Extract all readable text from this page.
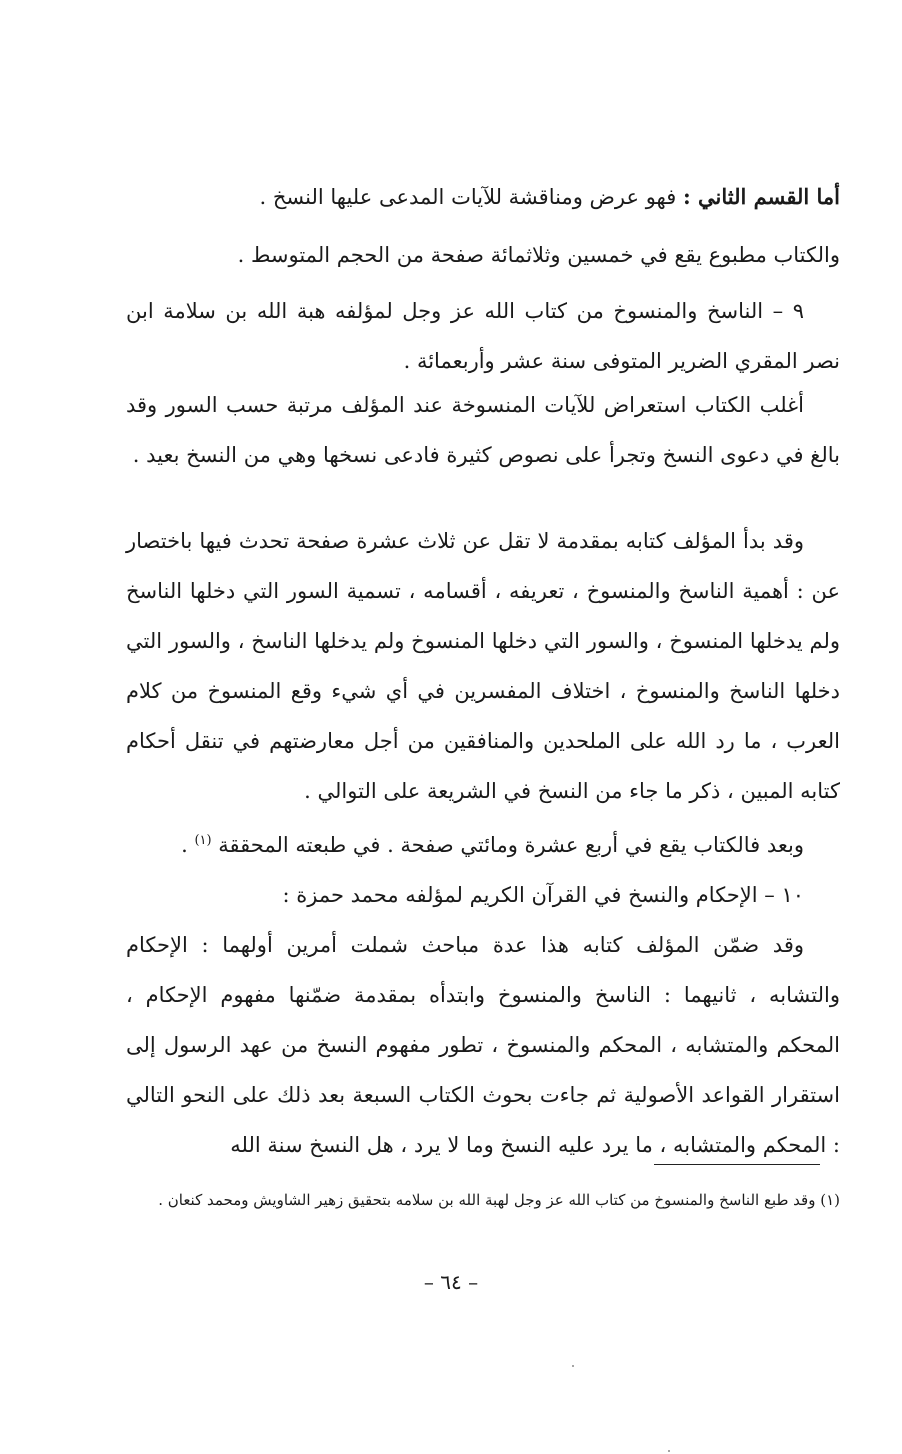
أما القسم الثاني : فهو عرض ومناقشة للآيات المدعى عليها النسخ .

والكتاب مطبوع يقع في خمسين وثلاثمائة صفحة من الحجم المتوسط .

٩ – الناسخ والمنسوخ من كتاب الله عز وجل لمؤلفه هبة الله بن سلامة ابن نصر المقري الضرير المتوفى سنة عشر وأربعمائة .

أغلب الكتاب استعراض للآيات المنسوخة عند المؤلف مرتبة حسب السور وقد بالغ في دعوى النسخ وتجرأ على نصوص كثيرة فادعى نسخها وهي من النسخ بعيد .

وقد بدأ المؤلف كتابه بمقدمة لا تقل عن ثلاث عشرة صفحة تحدث فيها باختصار عن : أهمية الناسخ والمنسوخ ، تعريفه ، أقسامه ، تسمية السور التي دخلها الناسخ ولم يدخلها المنسوخ ، والسور التي دخلها المنسوخ ولم يدخلها الناسخ ، والسور التي دخلها الناسخ والمنسوخ ، اختلاف المفسرين في أي شيء وقع المنسوخ من كلام العرب ، ما رد الله على الملحدين والمنافقين من أجل معارضتهم في تنقل أحكام كتابه المبين ، ذكر ما جاء من النسخ في الشريعة على التوالي .

وبعد فالكتاب يقع في أربع عشرة ومائتي صفحة . في طبعته المحققة $^{(١)}$ .

١٠ – الإحكام والنسخ في القرآن الكريم لمؤلفه محمد حمزة :

وقد ضمّن المؤلف كتابه هذا عدة مباحث شملت أمرين أولهما : الإحكام والتشابه ، ثانيهما : الناسخ والمنسوخ وابتدأه بمقدمة ضمّنها مفهوم الإحكام ، المحكم والمتشابه ، المحكم والمنسوخ ، تطور مفهوم النسخ من عهد الرسول إلى استقرار القواعد الأصولية ثم جاءت بحوث الكتاب السبعة بعد ذلك على النحو التالي : المحكم والمتشابه ، ما يرد عليه النسخ وما لا يرد ، هل النسخ سنة الله

(١) وقد طبع الناسخ والمنسوخ من كتاب الله عز وجل لهبة الله بن سلامه بتحقيق زهير الشاويش ومحمد كنعان .

– ٦٤ –
